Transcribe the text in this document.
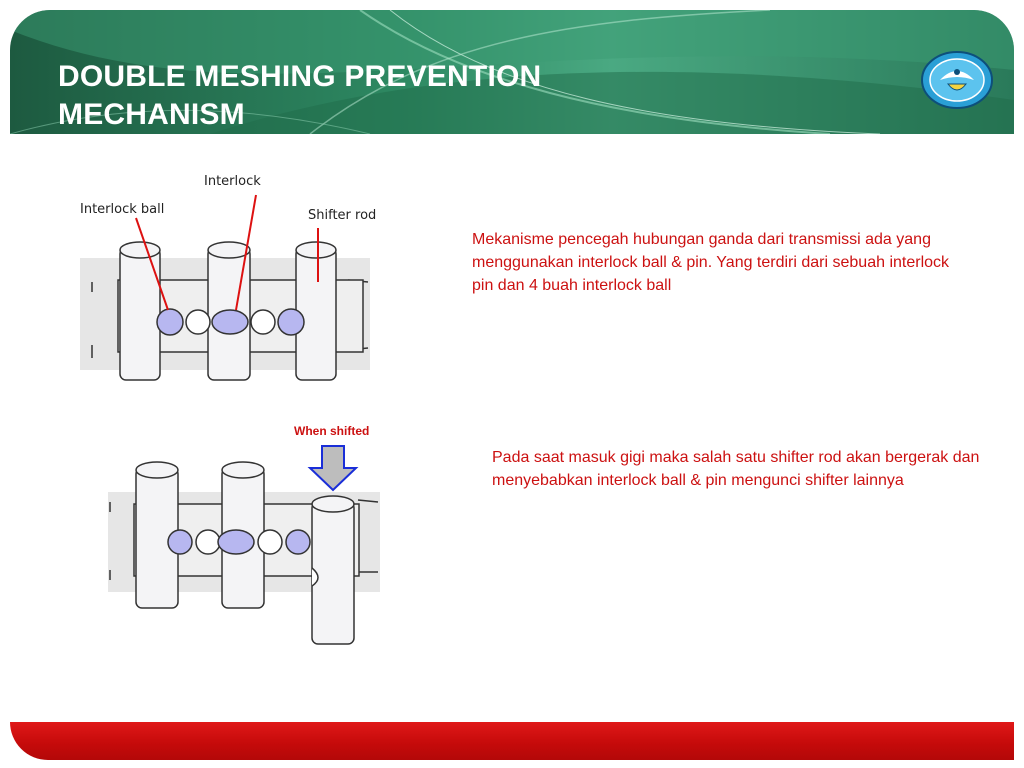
DOUBLE MESHING PREVENTION
MECHANISM
Interlock
Interlock ball	Shifter rod

Mekanisme pencegah hubungan ganda dari transmissi ada yang menggunakan interlock ball & pin. Yang terdiri dari sebuah interlock pin dan 4 buah interlock ball

When shifted

Pada saat masuk gigi maka salah satu shifter rod akan bergerak dan menyebabkan interlock ball & pin mengunci shifter lainnya
